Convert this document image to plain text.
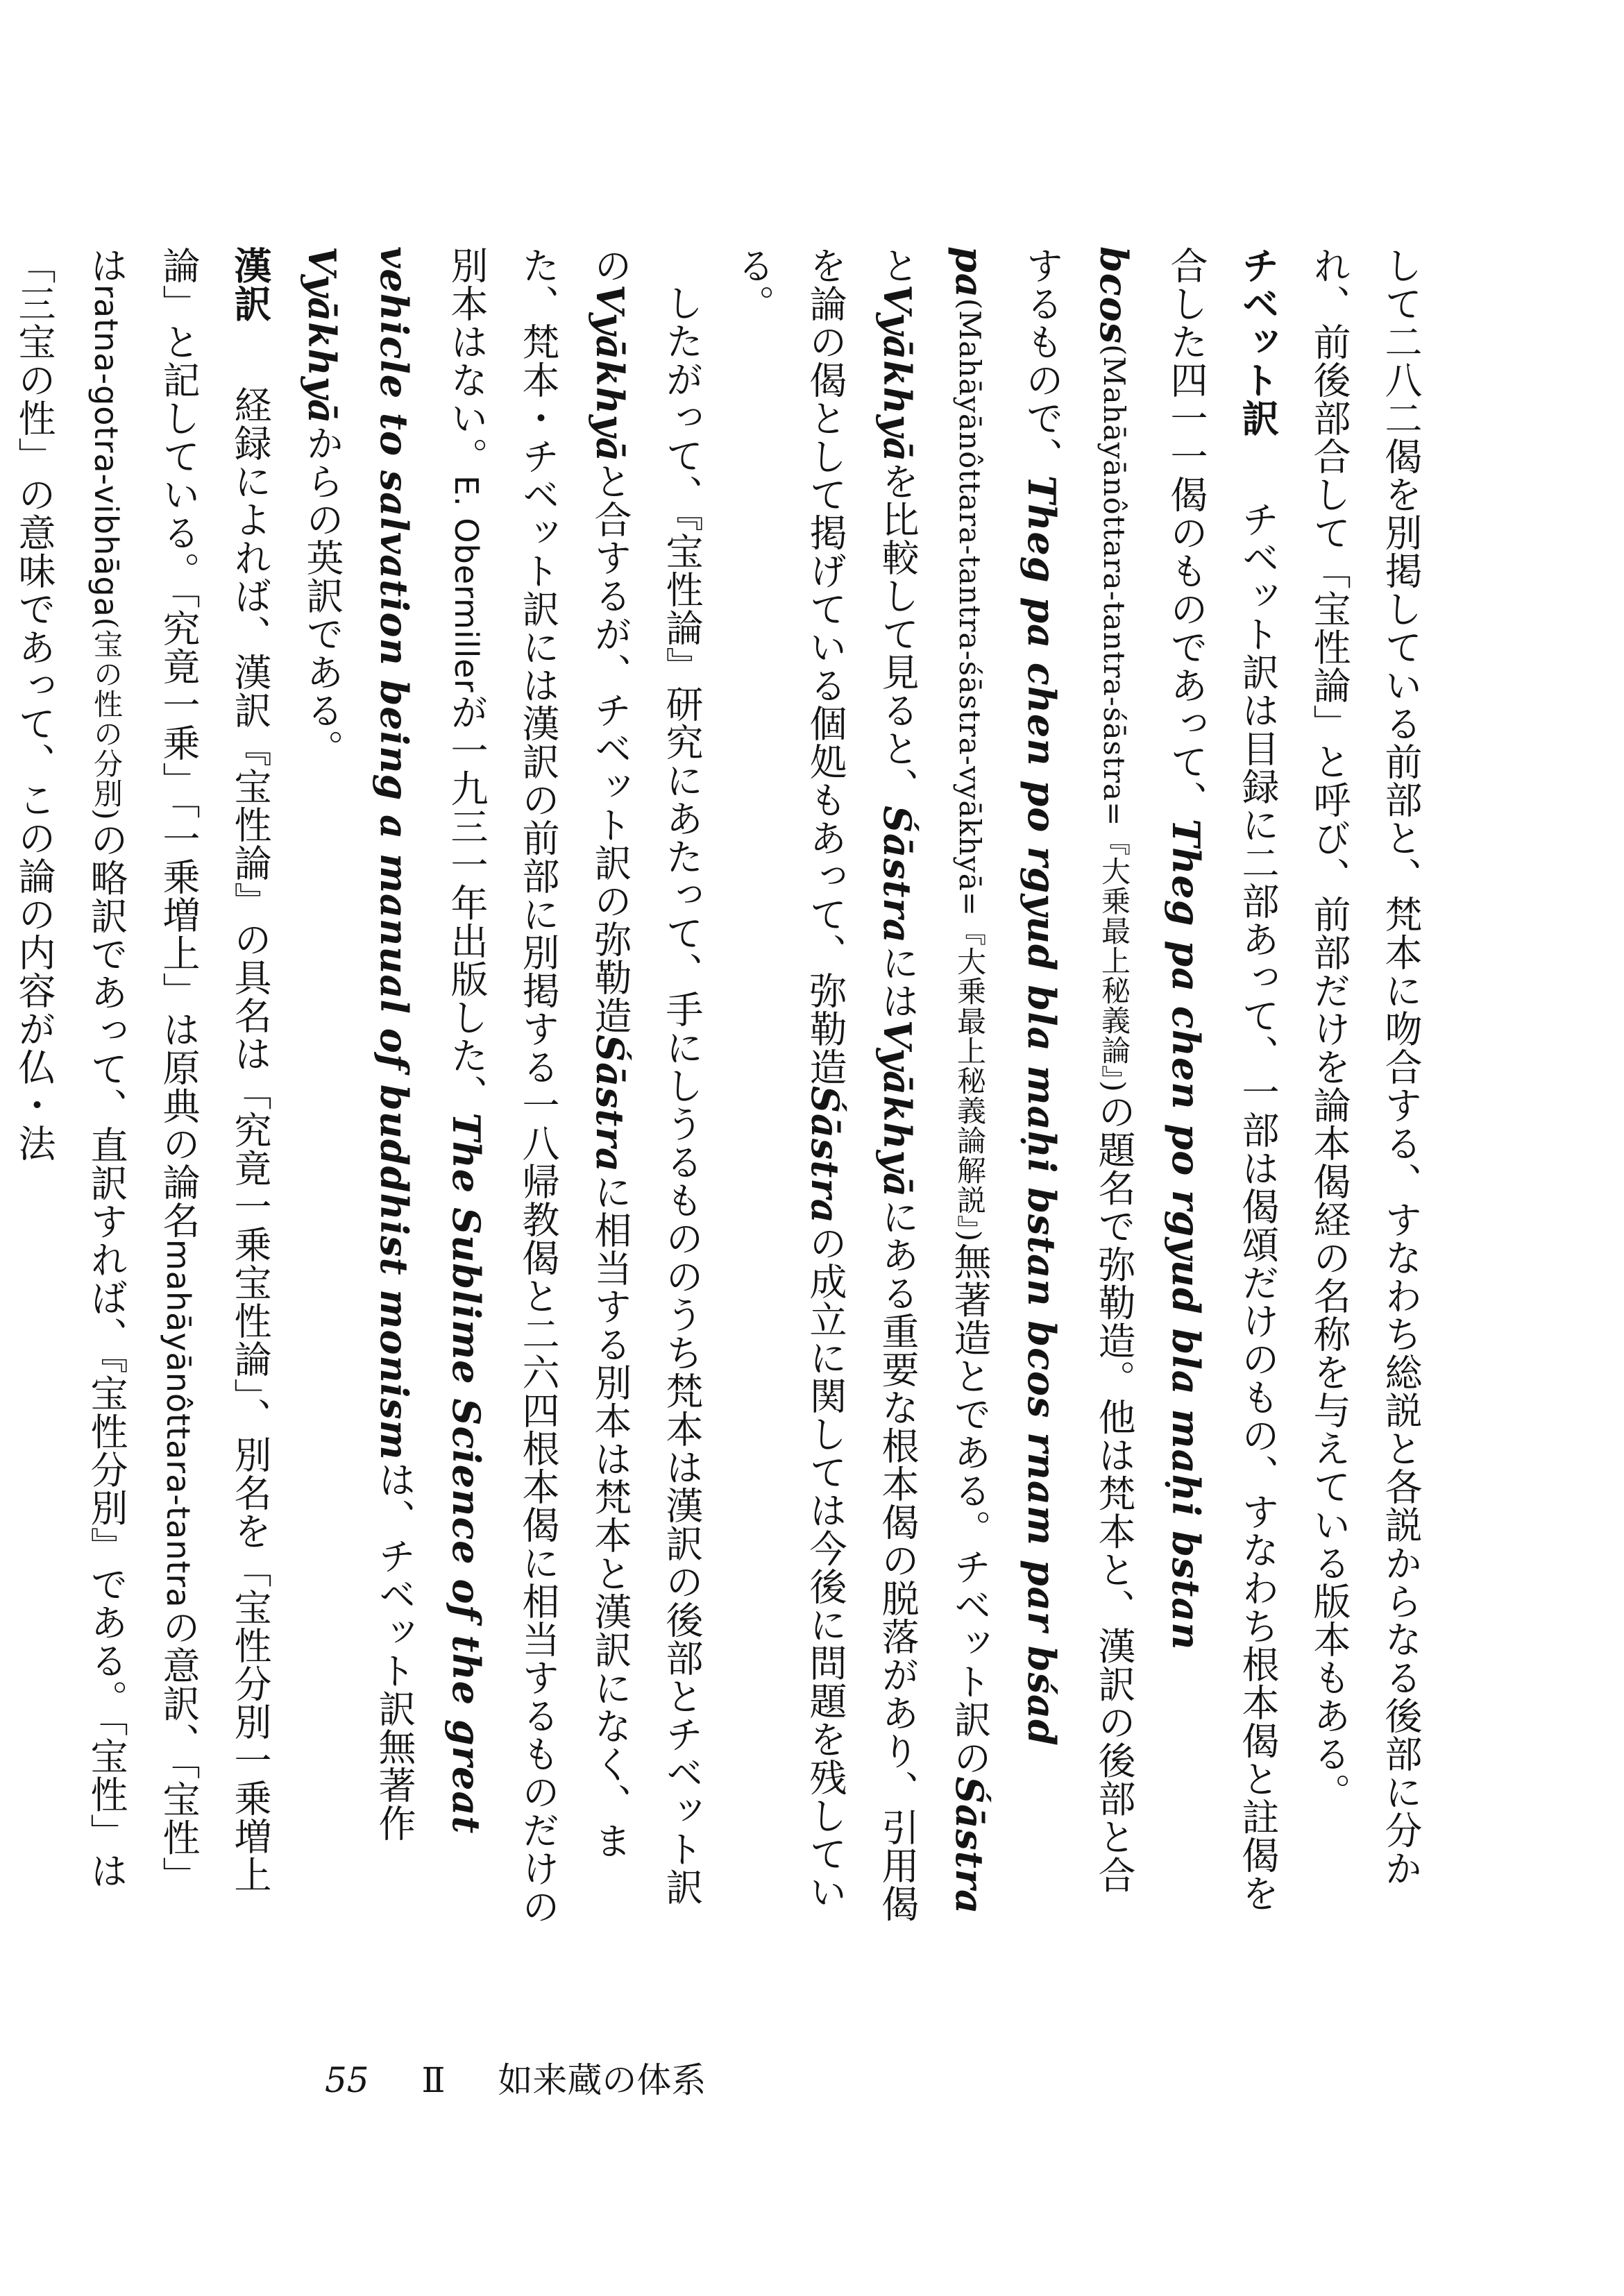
して二八二偈を別掲している前部と、梵本に吻合する、すなわち総説と各説からなる後部に分かれ、前後部合して「宝性論」と呼び、前部だけを論本偈経の名称を与えている版本もある。

チベット訳　チベット訳は目録に二部あって、一部は偈頌だけのもの、すなわち根本偈と註偈を合した四一一偈のものであって、Theg pa chen po rgyud bla maḥi bstan bcos(Mahāyānôttara-tantra-śāstra=『大乗最上秘義論』)の題名で弥勒造。他は梵本と、漢訳の後部と合するもので、Theg pa chen po rgyud bla maḥi bstan bcos rnam par bśad pa(Mahāyānôttara-tantra-śāstra-vyākhyā=『大乗最上秘義論解説』)無著造とである。チベット訳のŚāstraとVyākhyāを比較して見ると、ŚāstraにはVyākhyāにある重要な根本偈の脱落があり、引用偈を論の偈として掲げている個処もあって、弥勒造Śāstraの成立に関しては今後に問題を残している。

したがって、『宝性論』研究にあたって、手にしうるもののうち梵本は漢訳の後部とチベット訳のVyākhyāと合するが、チベット訳の弥勒造Śāstraに相当する別本は梵本と漢訳になく、また、梵本・チベット訳には漢訳の前部に別掲する一八帰教偈と二六四根本偈に相当するものだけの別本はない。E. Obermillerが一九三一年出版した、The Sublime Science of the great vehicle to salvation being a manual of buddhist monismは、チベット訳無著作Vyākhyāからの英訳である。

漢訳　経録によれば、漢訳『宝性論』の具名は「究竟一乗宝性論」、別名を「宝性分別一乗増上論」と記している。「究竟一乗」「一乗増上」は原典の論名mahāyānôttara-tantraの意訳、「宝性」はratna-gotra-vibhāga(宝の性の分別)の略訳であって、直訳すれば、『宝性分別』である。「宝性」は「三宝の性」の意味であって、この論の内容が仏・法

55 Ⅱ 如来蔵の体系
